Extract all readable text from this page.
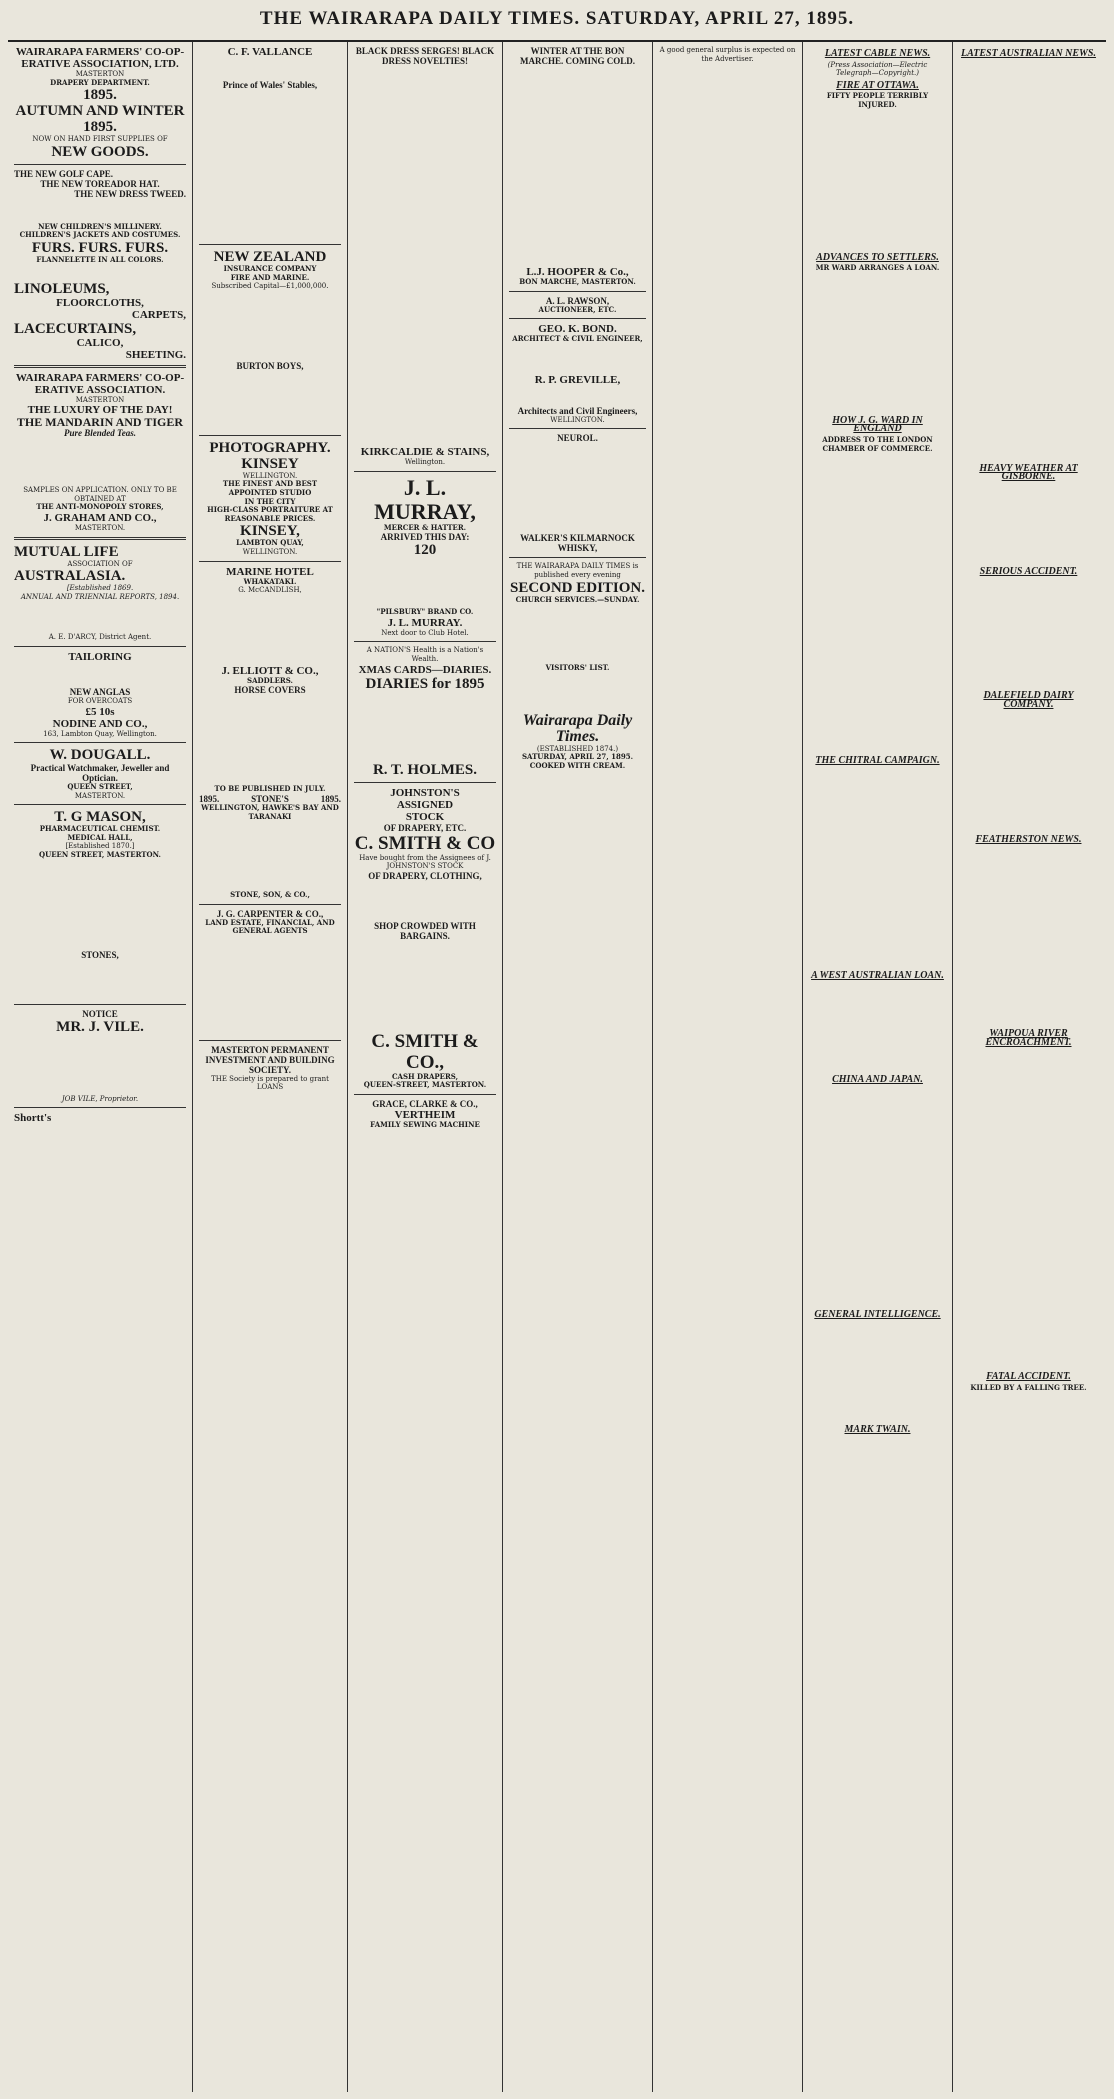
THE WAIRARAPA DAILY TIMES. SATURDAY, APRIL 27, 1895.
WAIRARAPA FARMERS' CO-OP-ERATIVE ASSOCIATION, LTD.
MASTERTON
DRAPERY DEPARTMENT.
1895.
AUTUMN AND WINTER
1895.
NOW ON HAND FIRST SUPPLIES OF
NEW GOODS.
THE NEW GOLF CAPE.
THE NEW TOREADOR HAT.
THE NEW DRESS TWEED.
NEW CHILDREN'S MILLINERY.
CHILDREN'S JACKETS AND COSTUMES.
FURS. FURS. FURS.
FLANNELETTE IN ALL COLORS.
LINOLEUMS,
FLOORCLOTHS,
CARPETS,
LACECURTAINS,
CALICO,
SHEETING.
WAIRARAPA FARMERS' CO-OP-ERATIVE ASSOCIATION.
MASTERTON
THE LUXURY OF THE DAY!
THE MANDARIN AND TIGER
Pure Blended Teas.
SAMPLES ON APPLICATION. ONLY TO BE OBTAINED AT
THE ANTI-MONOPOLY STORES,
J. GRAHAM AND CO.,
MASTERTON.
MUTUAL LIFE
ASSOCIATION OF
AUSTRALASIA.
[Established 1869.
ANNUAL AND TRIENNIAL REPORTS, 1894.
A. E. D'ARCY, District Agent.
TAILORING
NEW ANGLAS
FOR OVERCOATS
£5 10s
NODINE AND CO.,
163, Lambton Quay, Wellington.
W. DOUGALL.
Practical Watchmaker, Jeweller and Optician.
QUEEN STREET,
MASTERTON.
T. G MASON,
PHARMACEUTICAL CHEMIST.
MEDICAL HALL,
[Established 1870.]
QUEEN STREET, MASTERTON.
STONES,
NOTICE
MR. J. VILE.
JOB VILE, Proprietor.
Shortt's
C. F. VALLANCE
Prince of Wales' Stables,
NEW ZEALAND
INSURANCE COMPANY
FIRE AND MARINE.
Subscribed Capital—£1,000,000.
BURTON BOYS,
PHOTOGRAPHY.
KINSEY
WELLINGTON.
THE FINEST AND BEST APPOINTED STUDIO
IN THE CITY
HIGH-CLASS PORTRAITURE AT REASONABLE PRICES.
KINSEY,
LAMBTON QUAY,
WELLINGTON.
MARINE HOTEL
WHAKATAKI.
G. McCANDLISH,
J. ELLIOTT & CO.,
SADDLERS.
HORSE COVERS
TO BE PUBLISHED IN JULY.
1895.	STONE'S	1895.
WELLINGTON, HAWKE'S BAY AND TARANAKI
STONE, SON, & CO.,
J. G. CARPENTER & CO.,
LAND ESTATE, FINANCIAL, AND GENERAL AGENTS
MASTERTON PERMANENT INVESTMENT AND BUILDING SOCIETY.
THE Society is prepared to grant LOANS
BLACK DRESS SERGES! BLACK DRESS NOVELTIES!
KIRKCALDIE & STAINS,
Wellington.
J. L. MURRAY,
MERCER & HATTER.
ARRIVED THIS DAY:
120
"PILSBURY" BRAND CO.
J. L. MURRAY.
Next door to Club Hotel.
A NATION'S Health is a Nation's Wealth.
XMAS CARDS—DIARIES.
DIARIES for 1895
R. T. HOLMES.
JOHNSTON'S
ASSIGNED
STOCK
OF DRAPERY, ETC.
C. SMITH & CO
Have bought from the Assignees of J. JOHNSTON'S STOCK
OF DRAPERY, CLOTHING,
SHOP CROWDED WITH BARGAINS.
C. SMITH & CO.,
CASH DRAPERS,
QUEEN-STREET, MASTERTON.
GRACE, CLARKE & CO.,
VERTHEIM
FAMILY SEWING MACHINE
WINTER AT THE BON MARCHE. COMING COLD.
L.J. HOOPER & Co.,
BON MARCHE, MASTERTON.
A. L. RAWSON,
AUCTIONEER, ETC.
GEO. K. BOND.
ARCHITECT & CIVIL ENGINEER,
R. P. GREVILLE,
Architects and Civil Engineers,
WELLINGTON.
NEUROL.
WALKER'S KILMARNOCK WHISKY,
THE WAIRARAPA DAILY TIMES is published every evening
SECOND EDITION.
CHURCH SERVICES.—SUNDAY.
VISITORS' LIST.
Wairarapa Daily Times.
(ESTABLISHED 1874.)
SATURDAY, APRIL 27, 1895.
COOKED WITH CREAM.
A good general surplus is expected on the Advertiser.	LATEST CABLE NEWS.
(Press Association—Electric Telegraph—Copyright.)
FIRE AT OTTAWA.
FIFTY PEOPLE TERRIBLY INJURED.
ADVANCES TO SETTLERS.
MR WARD ARRANGES A LOAN.
HOW J. G. WARD IN ENGLAND
ADDRESS TO THE LONDON CHAMBER OF COMMERCE.
THE CHITRAL CAMPAIGN.
A WEST AUSTRALIAN LOAN.
CHINA AND JAPAN.
GENERAL INTELLIGENCE.
MARK TWAIN.
LATEST AUSTRALIAN NEWS.
HEAVY WEATHER AT GISBORNE.
SERIOUS ACCIDENT.
DALEFIELD DAIRY COMPANY.
FEATHERSTON NEWS.
WAIPOUA RIVER ENCROACHMENT.
FATAL ACCIDENT.
KILLED BY A FALLING TREE.
